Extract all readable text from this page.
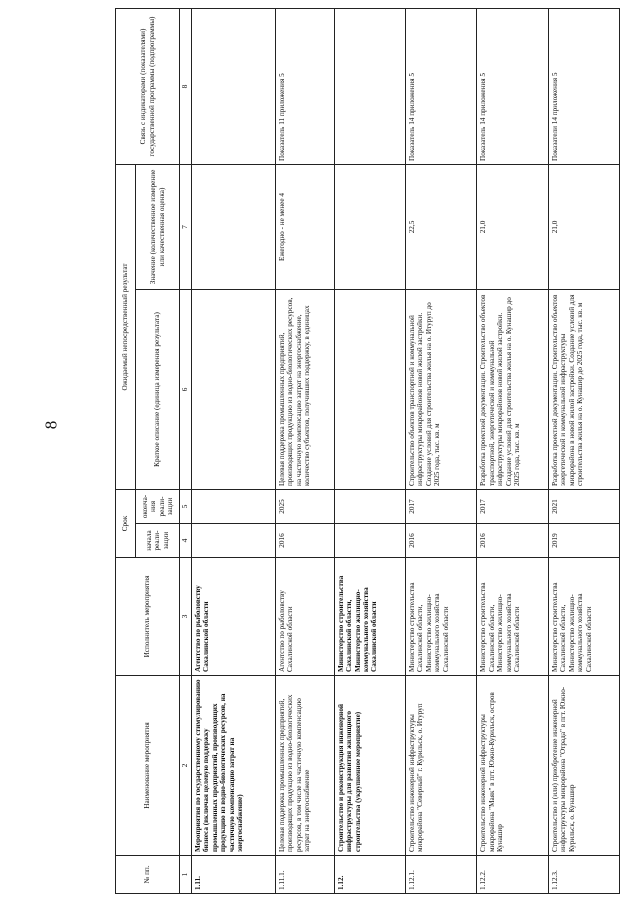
8
№ пп.	Наименование мероприятия	Исполнитель мероприятия	Срок		Ожидаемый непосредственный результат		Связь с индикаторами (показателями) государственной программы (подпрограммы)
			начала реали-зации	оконча-ния реали-зации	Краткое описание (единица измерения результата)	Значение (количественное измерение или качественная оценка)	
1	2	3	4	5	6	7	8
1.11.	Мероприятия по государственному стимулированию бизнеса (включая целевую поддержку промышленных предприятий, производящих продукцию из водно-биологических ресурсов, на частичную компенсацию затрат на энергоснабжение)	Агентство по рыболовству Сахалинской области					
1.11.1.	Целевая поддержка промышленных предприятий, производящих продукцию из водно-биологических ресурсов, в том числе на частичную компенсацию затрат на энергоснабжение	Агентство по рыболовству Сахалинской области	2016	2025	Целевая поддержка промышленных предприятий, производящих продукцию из водно-биологических ресурсов, на частичную компенсацию затрат на энергоснабжение, количество субъектов, получивших поддержку, в единицах	Ежегодно - не менее 4	Показатель 11 приложения 5
1.12.	Строительство и реконструкция инженерной инфраструктуры для развития жилищного строительства (укрупненное мероприятие)	Министерство строительства Сахалинской области, Министерство жилищно-коммунального хозяйства Сахалинской области					
1.12.1.	Строительство инженерной инфраструктуры микрорайона "Северный" г. Курильск, о. Итуруп	Министерство строительства Сахалинской области, Министерство жилищно-коммунального хозяйства Сахалинской области	2016	2017	Строительство объектов транспортной и коммунальной инфраструктуры микрорайонов новой жилой застройки. Создание условий для строительства жилья на о. Итуруп до 2025 года, тыс. кв. м	22,5	Показатель 14 приложения 5
1.12.2.	Строительство инженерной инфраструктуры микрорайона "Маяк" в пгт. Южно-Курильск, остров Кунашир	Министерство строительства Сахалинской области, Министерство жилищно-коммунального хозяйства Сахалинской области	2016	2017	Разработка проектной документации. Строительство объектов транспортной, энергетической и коммунальной инфраструктуры микрорайонов новой жилой застройки. Создание условий для строительства жилья на о. Кунашир до 2025 года, тыс. кв. м	21,0	Показатель 14 приложения 5
1.12.3.	Строительство и (или) приобретение инженерной инфраструктуры микрорайона "Отрада" в пгт. Южно-Курильск, о. Кунашир	Министерство строительства Сахалинской области, Министерство жилищно-коммунального хозяйства Сахалинской области	2019	2021	Разработка проектной документации. Строительство объектов энергетической и коммунальной инфраструктуры микрорайона в новой жилой застройки. Создание условий для строительства жилья на о. Кунашир до 2025 года, тыс. кв. м	21,0	Показатели 14 приложения 5
